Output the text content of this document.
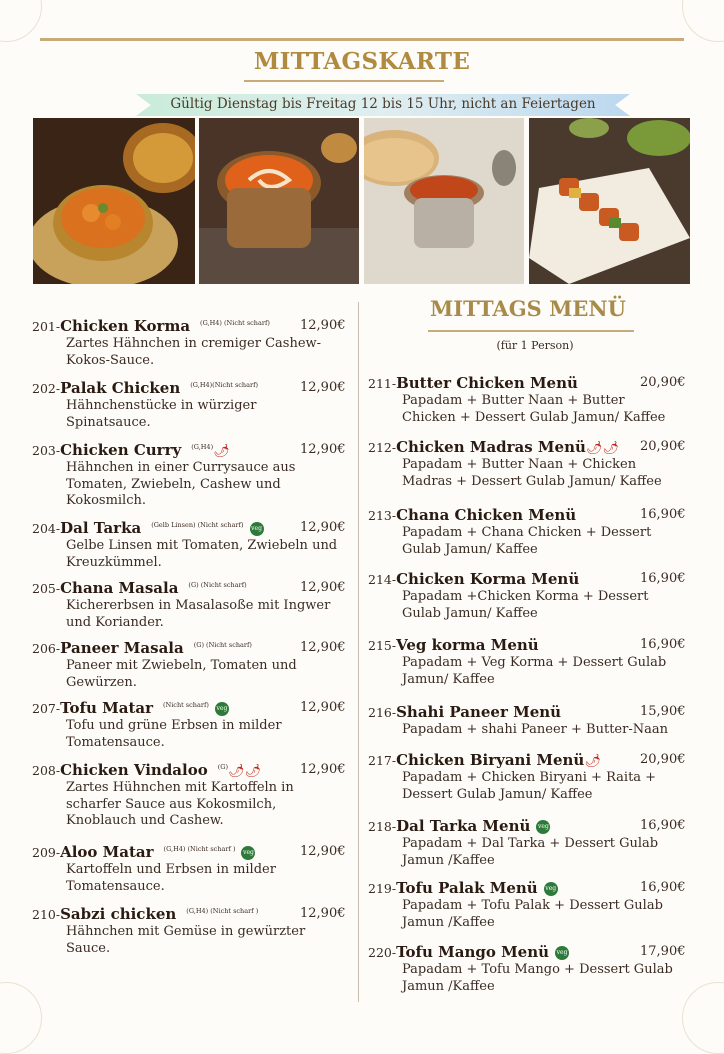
MITTAGSKARTE
Gültig Dienstag bis Freitag 12 bis 15 Uhr, nicht an Feiertagen
201-Chicken Korma $^{(G,H4) (Nicht scharf)}$ 12,90€
Zartes Hähnchen in cremiger Cashew-
Kokos-Sauce.
202-Palak Chicken $^{(G,H4)(Nicht scharf)}$	12,90€
Hähnchenstücke in würziger
Spinatsauce.
203-Chicken Curry $^{(G,H4)}$🌶	12,90€
Hähnchen in einer Currysauce aus
Tomaten, Zwiebeln, Cashew und
Kokosmilch.
204-Dal Tarka $^{(Gelb Linsen) (Nicht scharf)}$ veg	12,90€
Gelbe Linsen mit Tomaten, Zwiebeln und
Kreuzkümmel.
205-Chana Masala $^{(G) (Nicht scharf)}$	12,90€
Kichererbsen in Masalasoße mit Ingwer
und Koriander.
206-Paneer Masala $^{(G) (Nicht scharf)}$	12,90€
Paneer mit Zwiebeln, Tomaten und
Gewürzen.
207-Tofu Matar $^{(Nicht scharf)}$ veg	12,90€
Tofu und grüne Erbsen in milder
Tomatensauce.
208-Chicken Vindaloo $^{(G)}$🌶🌶	12,90€
Zartes Hühnchen mit Kartoffeln in
scharfer Sauce aus Kokosmilch,
Knoblauch und Cashew.
209-Aloo Matar $^{(G,H4) (Nicht scharf )}$ veg	12,90€
Kartoffeln und Erbsen in milder
Tomatensauce.
210-Sabzi chicken $^{(G,H4) (Nicht scharf )}$	12,90€
Hähnchen mit Gemüse in gewürzter
Sauce.
MITTAGS MENÜ
(für 1 Person)
211-Butter Chicken Menü	20,90€
Papadam + Butter Naan + Butter
Chicken + Dessert Gulab Jamun/ Kaffee
212-Chicken Madras Menü🌶🌶 20,90€
Papadam + Butter Naan + Chicken
Madras + Dessert Gulab Jamun/ Kaffee
213-Chana Chicken Menü	16,90€
Papadam + Chana Chicken + Dessert
Gulab Jamun/ Kaffee
214-Chicken Korma Menü	16,90€
Papadam +Chicken Korma + Dessert
Gulab Jamun/ Kaffee
215-Veg korma Menü	16,90€
Papadam + Veg Korma + Dessert Gulab
Jamun/ Kaffee
216-Shahi Paneer Menü	15,90€
Papadam + shahi Paneer + Butter-Naan
217-Chicken Biryani Menü🌶	20,90€
Papadam + Chicken Biryani + Raita +
Dessert Gulab Jamun/ Kaffee
218-Dal Tarka Menü veg	16,90€
Papadam + Dal Tarka + Dessert Gulab
Jamun /Kaffee
219-Tofu Palak Menü veg	16,90€
Papadam + Tofu Palak + Dessert Gulab
Jamun /Kaffee
220-Tofu Mango Menü veg	17,90€
Papadam + Tofu Mango + Dessert Gulab
Jamun /Kaffee
